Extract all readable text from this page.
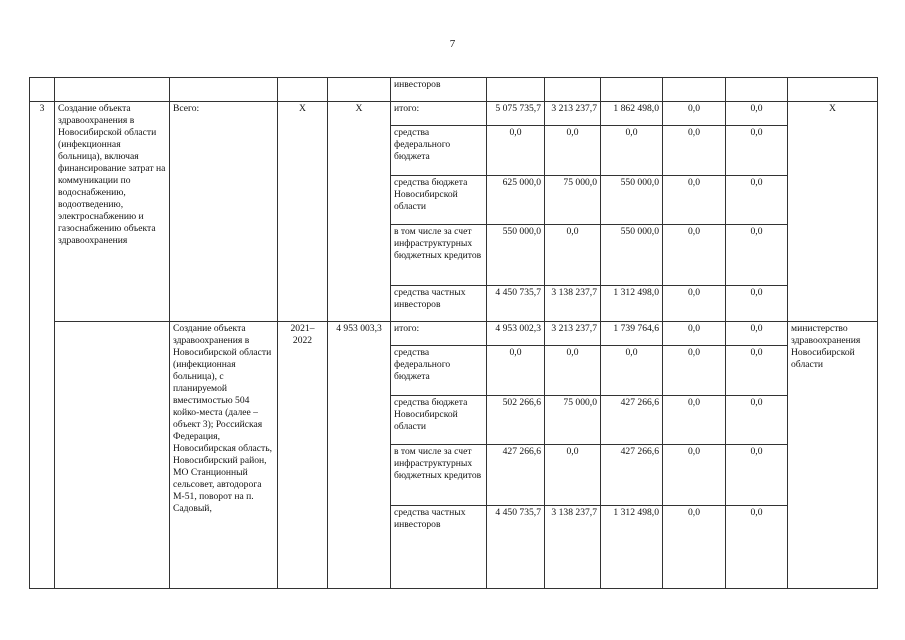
7
					инвесторов						
3	Создание объекта здравоохранения в Новосибирской области (инфекционная больница), включая финансирование затрат на коммуникации по водоснабжению, водоотведению, электроснабжению и газоснабжению объекта здравоохранения	Всего:	Х	Х	итого:	5 075 735,7	3 213 237,7	1 862 498,0	0,0	0,0	Х
					средства федерального бюджета	0,0	0,0	0,0	0,0	0,0	
					средства бюджета Новосибирской области	625 000,0	75 000,0	550 000,0	0,0	0,0	
					в том числе за счет инфраструктурных бюджетных кредитов	550 000,0	0,0	550 000,0	0,0	0,0	
					средства частных инвесторов	4 450 735,7	3 138 237,7	1 312 498,0	0,0	0,0	
		Создание объекта здравоохранения в Новосибирской области (инфекционная больница), с планируемой вместимостью 504 койко-места (далее – объект 3); Российская Федерация, Новосибирская область, Новосибирский район, МО Станционный сельсовет, автодорога М-51, поворот на п. Садовый,	2021–2022	4 953 003,3	итого:	4 953 002,3	3 213 237,7	1 739 764,6	0,0	0,0	министерство здравоохранения Новосибирской области
					средства федерального бюджета	0,0	0,0	0,0	0,0	0,0	
					средства бюджета Новосибирской области	502 266,6	75 000,0	427 266,6	0,0	0,0	
					в том числе за счет инфраструктурных бюджетных кредитов	427 266,6	0,0	427 266,6	0,0	0,0	
					средства частных инвесторов	4 450 735,7	3 138 237,7	1 312 498,0	0,0	0,0	
